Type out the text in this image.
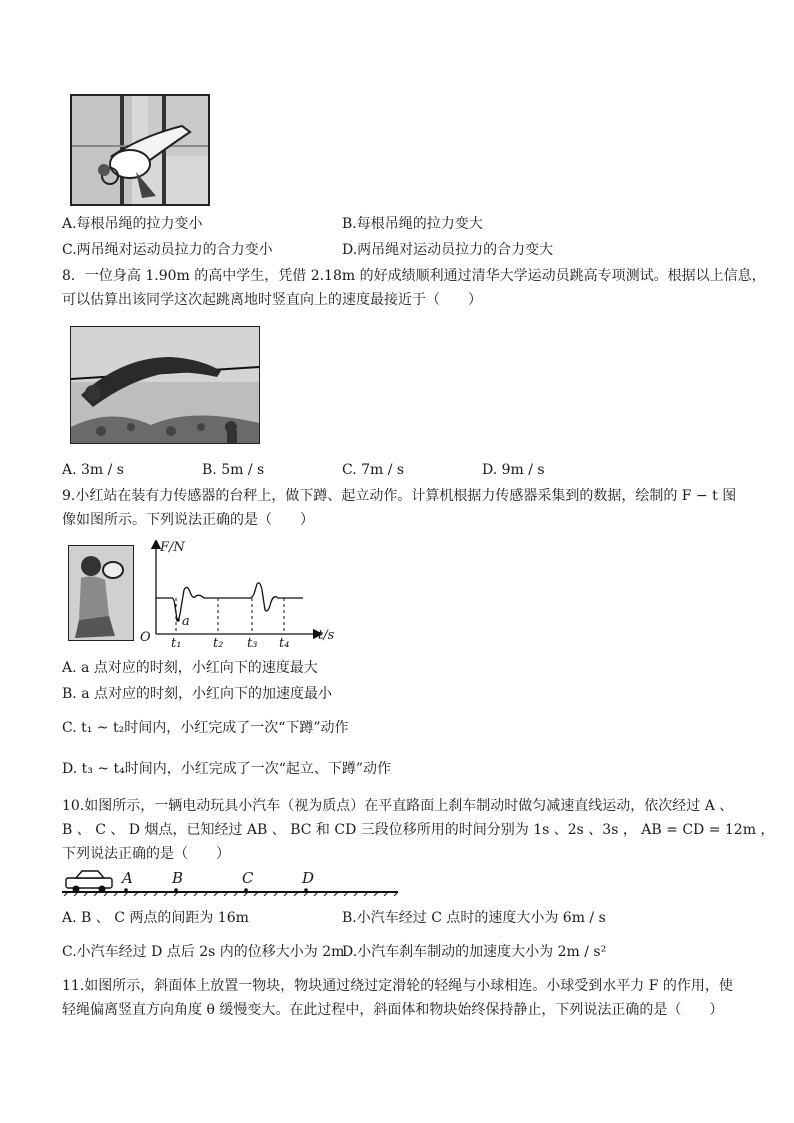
A.每根吊绳的拉力变小	B.每根吊绳的拉力变大
C.两吊绳对运动员拉力的合力变小	D.两吊绳对运动员拉力的合力变大
8．一位身高 1.90m 的高中学生，凭借 2.18m 的好成绩顺利通过清华大学运动员跳高专项测试。根据以上信息，
可以估算出该同学这次起跳离地时竖直向上的速度最接近于（　　）
A. 3m / s	B. 5m / s	C. 7m / s	D. 9m / s
9.小红站在装有力传感器的台秤上，做下蹲、起立动作。计算机根据力传感器采集到的数据，绘制的 F − t 图
像如图所示。下列说法正确的是（　　）
F/N
t/s
O
a
t₁ t₂ t₃ t₄
A. a 点对应的时刻，小红向下的速度最大
B. a 点对应的时刻，小红向下的加速度最小
C. t₁ ~ t₂时间内，小红完成了一次“下蹲”动作
D. t₃ ~ t₄时间内，小红完成了一次“起立、下蹲”动作
10.如图所示，一辆电动玩具小汽车（视为质点）在平直路面上刹车制动时做匀减速直线运动，依次经过 A 、
B 、 C 、 D 烟点，已知经过 AB 、 BC 和 CD 三段位移所用的时间分别为 1s 、2s 、3s ， AB = CD = 12m ，
下列说法正确的是（　　）
A	B	C	D
A. B 、 C 两点的间距为 16m	B.小汽车经过 C 点时的速度大小为 6m / s
C.小汽车经过 D 点后 2s 内的位移大小为 2m
D.小汽车刹车制动的加速度大小为 2m / s²
11.如图所示，斜面体上放置一物块，物块通过绕过定滑轮的轻绳与小球相连。小球受到水平力 F 的作用，使
轻绳偏离竖直方向角度 θ 缓慢变大。在此过程中，斜面体和物块始终保持静止，下列说法正确的是（　　）
